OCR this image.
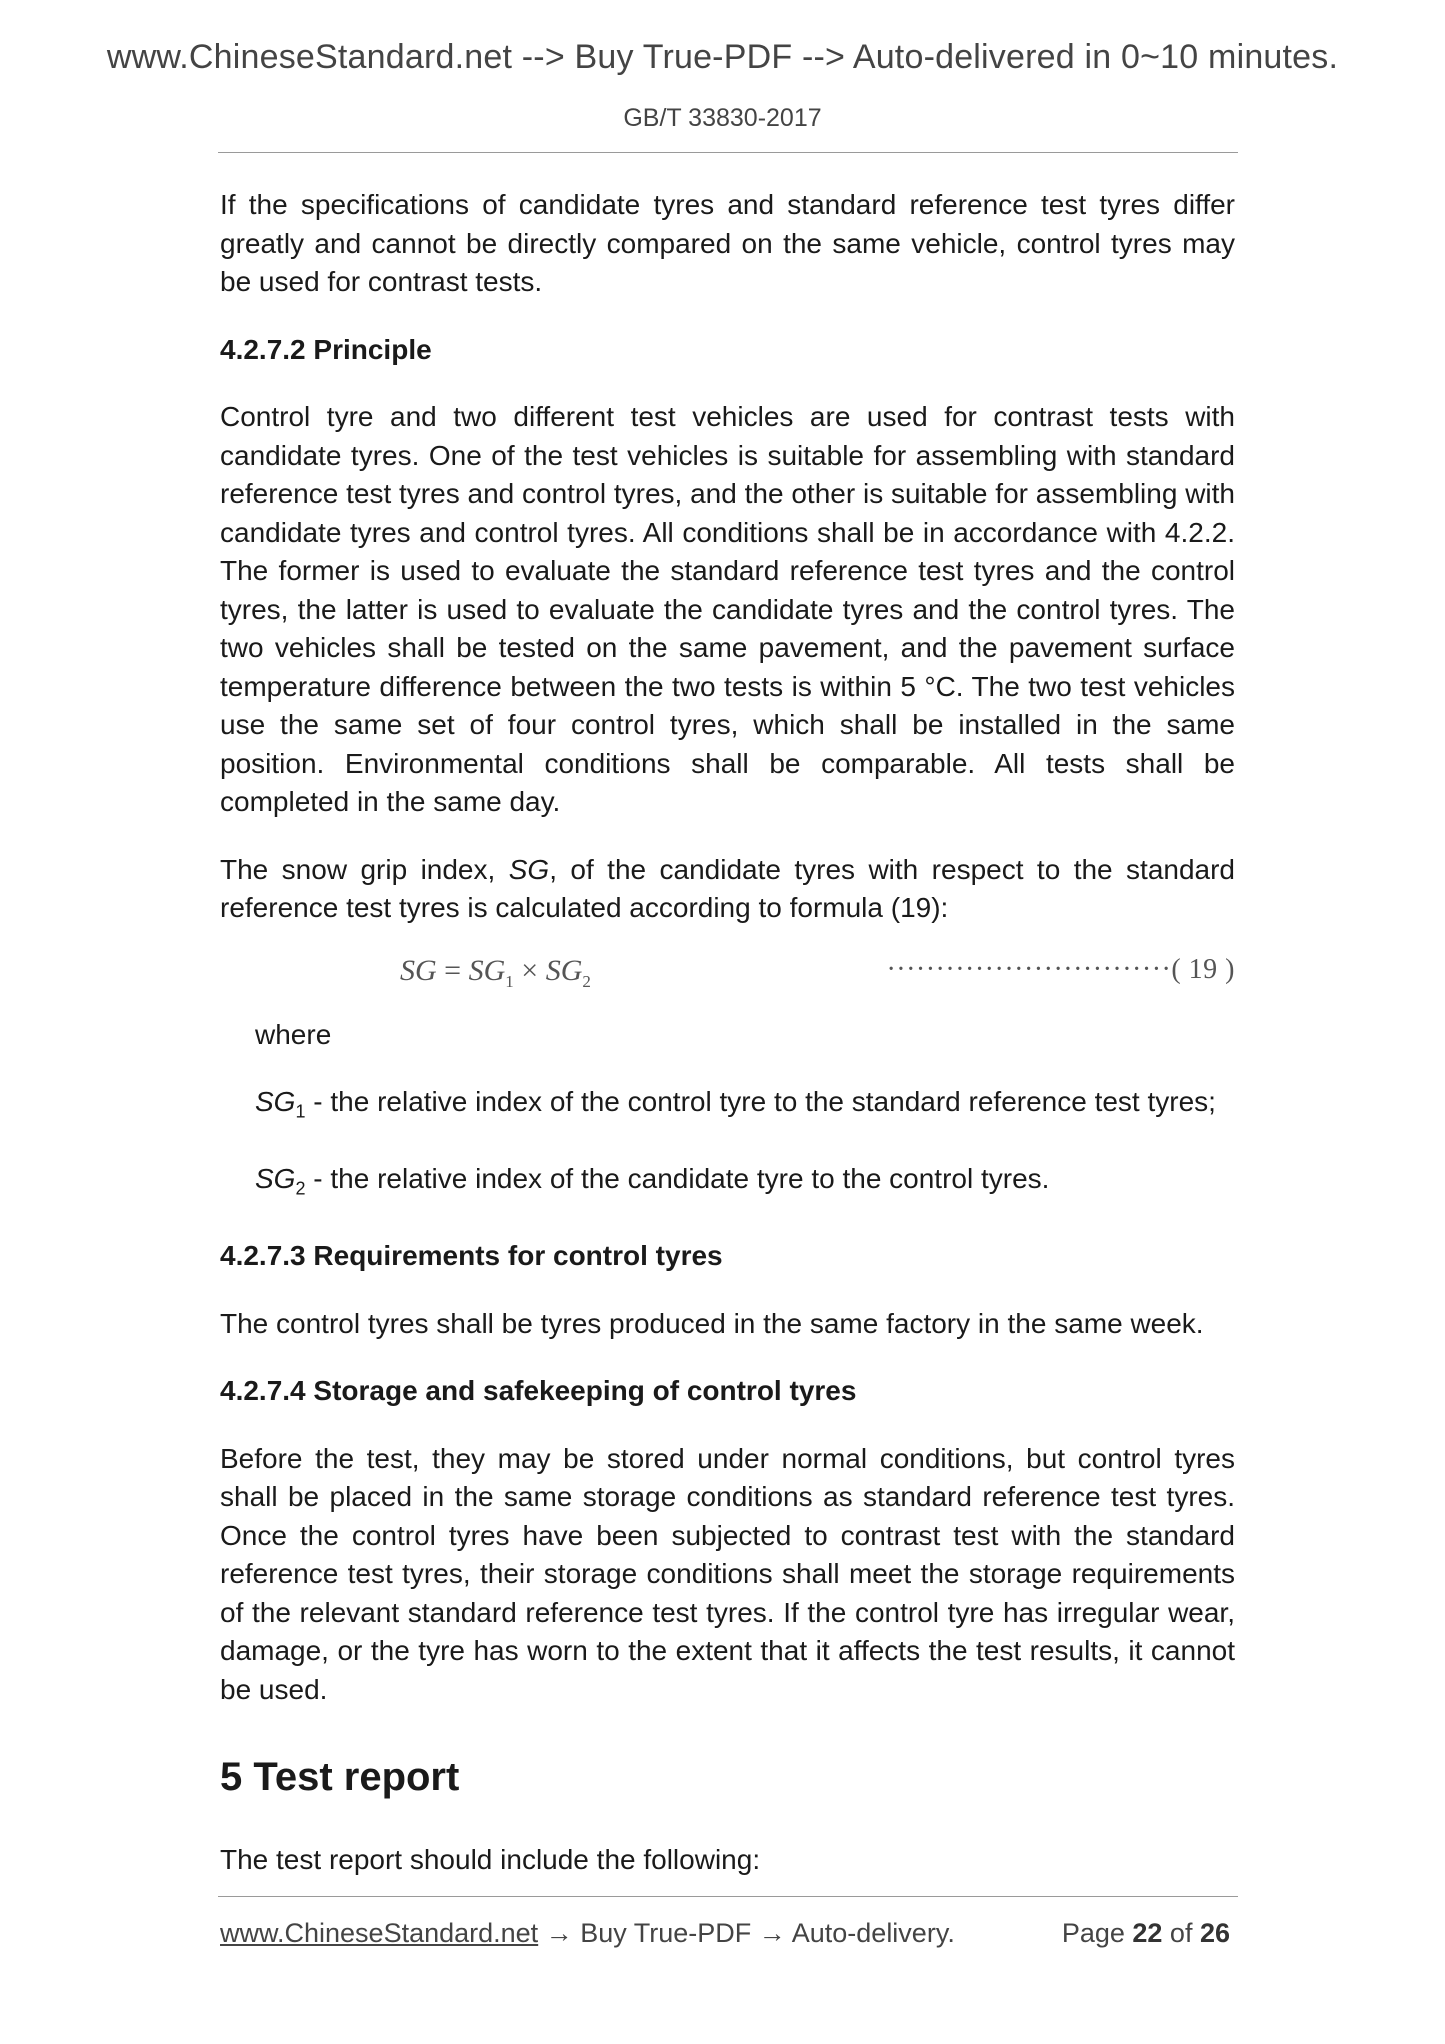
www.ChineseStandard.net --> Buy True-PDF --> Auto-delivered in 0~10 minutes.
GB/T 33830-2017

If the specifications of candidate tyres and standard reference test tyres differ greatly and cannot be directly compared on the same vehicle, control tyres may be used for contrast tests.

4.2.7.2 Principle

Control tyre and two different test vehicles are used for contrast tests with candidate tyres. One of the test vehicles is suitable for assembling with standard reference test tyres and control tyres, and the other is suitable for assembling with candidate tyres and control tyres. All conditions shall be in accordance with 4.2.2. The former is used to evaluate the standard reference test tyres and the control tyres, the latter is used to evaluate the candidate tyres and the control tyres. The two vehicles shall be tested on the same pavement, and the pavement surface temperature difference between the two tests is within 5 °C. The two test vehicles use the same set of four control tyres, which shall be installed in the same position. Environmental conditions shall be comparable. All tests shall be completed in the same day.

The snow grip index, SG, of the candidate tyres with respect to the standard reference test tyres is calculated according to formula (19):

SG = $SG_1 \times SG_2$	·····························( 19 )

where

$SG_1$ - the relative index of the control tyre to the standard reference test tyres;

$SG_2$ - the relative index of the candidate tyre to the control tyres.

4.2.7.3 Requirements for control tyres

The control tyres shall be tyres produced in the same factory in the same week.

4.2.7.4 Storage and safekeeping of control tyres

Before the test, they may be stored under normal conditions, but control tyres shall be placed in the same storage conditions as standard reference test tyres. Once the control tyres have been subjected to contrast test with the standard reference test tyres, their storage conditions shall meet the storage requirements of the relevant standard reference test tyres. If the control tyre has irregular wear, damage, or the tyre has worn to the extent that it affects the test results, it cannot be used.

5 Test report

The test report should include the following:

www.ChineseStandard.net → Buy True-PDF → Auto-delivery.	Page 22 of 26
